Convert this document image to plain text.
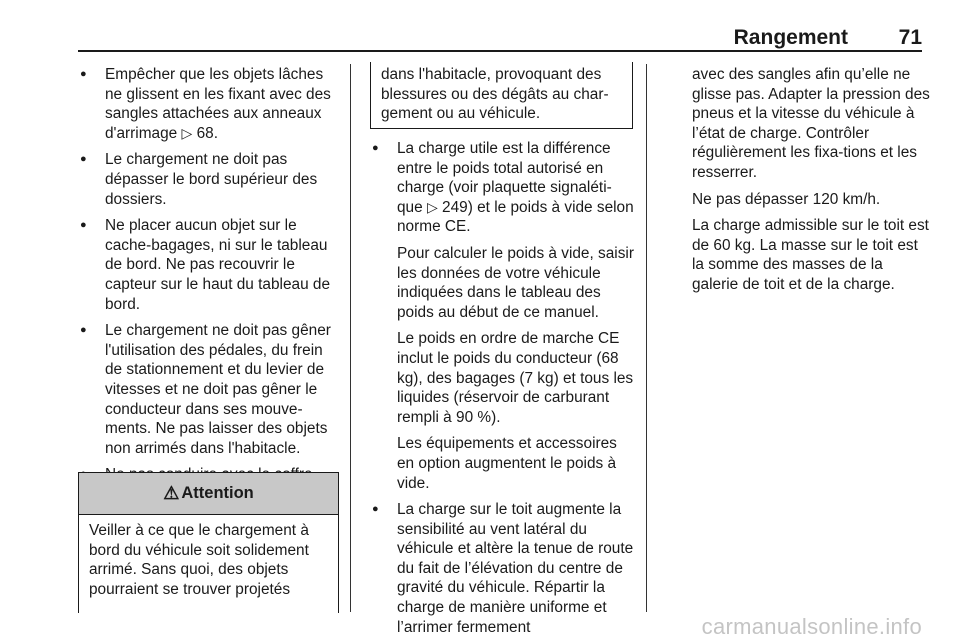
Rangement 71
● Empêcher que les objets lâches ne glissent en les fixant avec des sangles attachées aux anneaux d'arrimage ▷ 68.
● Le chargement ne doit pas dépasser le bord supérieur des dossiers.
● Ne placer aucun objet sur le cache-bagages, ni sur le tableau de bord. Ne pas recouvrir le capteur sur le haut du tableau de bord.
● Le chargement ne doit pas gêner l'utilisation des pédales, du frein de stationnement et du levier de vitesses et ne doit pas gêner le conducteur dans ses mouve-ments. Ne pas laisser des objets non arrimés dans l'habitacle.
●
⚠ Attention
Veiller à ce que le chargement à bord du véhicule soit solidement arrimé. Sans quoi, des objets pourraient se trouver projetés
dans l'habitacle, provoquant des blessures ou des dégâts au char-gement ou au véhicule.
● La charge utile est la différence entre le poids total autorisé en charge (voir plaquette signaléti-que ▷ 249) et le poids à vide selon norme CE.
Pour calculer le poids à vide, saisir les données de votre véhicule indiquées dans le tableau des poids au début de ce manuel.
Le poids en ordre de marche CE inclut le poids du conducteur (68 kg), des bagages (7 kg) et tous les liquides (réservoir de carburant rempli à 90 %).
Les équipements et accessoires en option augmentent le poids à vide.
● La charge sur le toit augmente la sensibilité au vent latéral du véhicule et altère la tenue de route du fait de l’élévation du centre de gravité du véhicule. Répartir la charge de manière uniforme et l’arrimer fermement
avec des sangles afin qu’elle ne glisse pas. Adapter la pression des pneus et la vitesse du véhicule à l’état de charge. Contrôler régulièrement les fixa-tions et les resserrer.
Ne pas dépasser 120 km/h.
La charge admissible sur le toit est de 60 kg. La masse sur le toit est la somme des masses de la galerie de toit et de la charge.
carmanualsonline.info
